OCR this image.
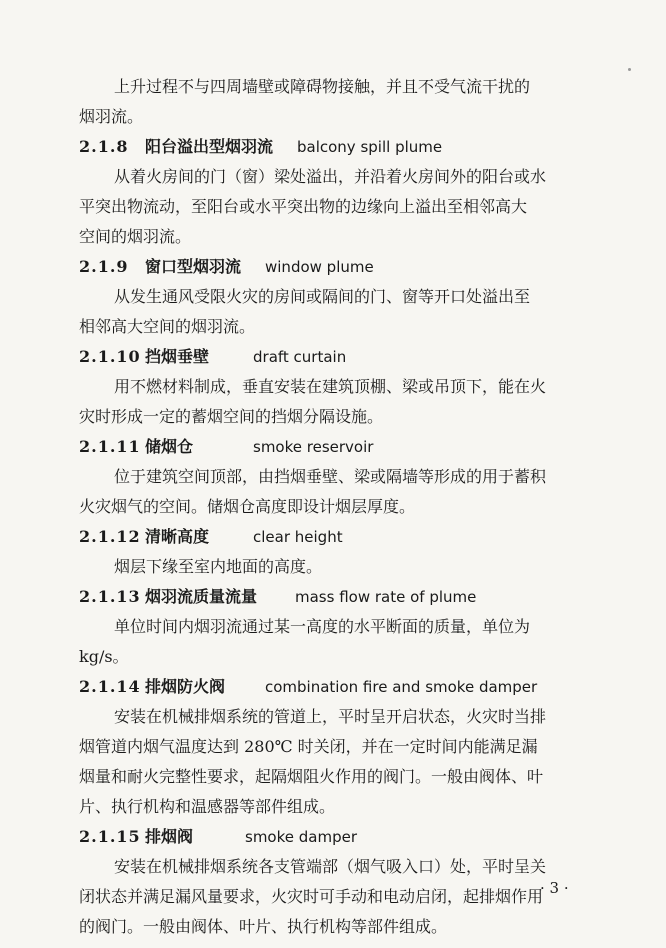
上升过程不与四周墙壁或障碍物接触，并且不受气流干扰的
烟羽流。
2.1.8 阳台溢出型烟羽流 balcony spill plume
从着火房间的门（窗）梁处溢出，并沿着火房间外的阳台或水
平突出物流动，至阳台或水平突出物的边缘向上溢出至相邻高大
空间的烟羽流。
2.1.9 窗口型烟羽流 window plume
从发生通风受限火灾的房间或隔间的门、窗等开口处溢出至
相邻高大空间的烟羽流。
2.1.10 挡烟垂壁	draft curtain
用不燃材料制成，垂直安装在建筑顶棚、梁或吊顶下，能在火
灾时形成一定的蓄烟空间的挡烟分隔设施。
2.1.11 储烟仓	smoke reservoir
位于建筑空间顶部，由挡烟垂壁、梁或隔墙等形成的用于蓄积
火灾烟气的空间。储烟仓高度即设计烟层厚度。
2.1.12 清晰高度	clear height
烟层下缘至室内地面的高度。
2.1.13 烟羽流质量流量	mass flow rate of plume
单位时间内烟羽流通过某一高度的水平断面的质量，单位为
kg/s。
2.1.14 排烟防火阀	combination fire and smoke damper
安装在机械排烟系统的管道上，平时呈开启状态，火灾时当排
烟管道内烟气温度达到 280℃ 时关闭，并在一定时间内能满足漏
烟量和耐火完整性要求，起隔烟阻火作用的阀门。一般由阀体、叶
片、执行机构和温感器等部件组成。
2.1.15 排烟阀	smoke damper
安装在机械排烟系统各支管端部（烟气吸入口）处，平时呈关
闭状态并满足漏风量要求，火灾时可手动和电动启闭，起排烟作用
的阀门。一般由阀体、叶片、执行机构等部件组成。
· 3 ·
